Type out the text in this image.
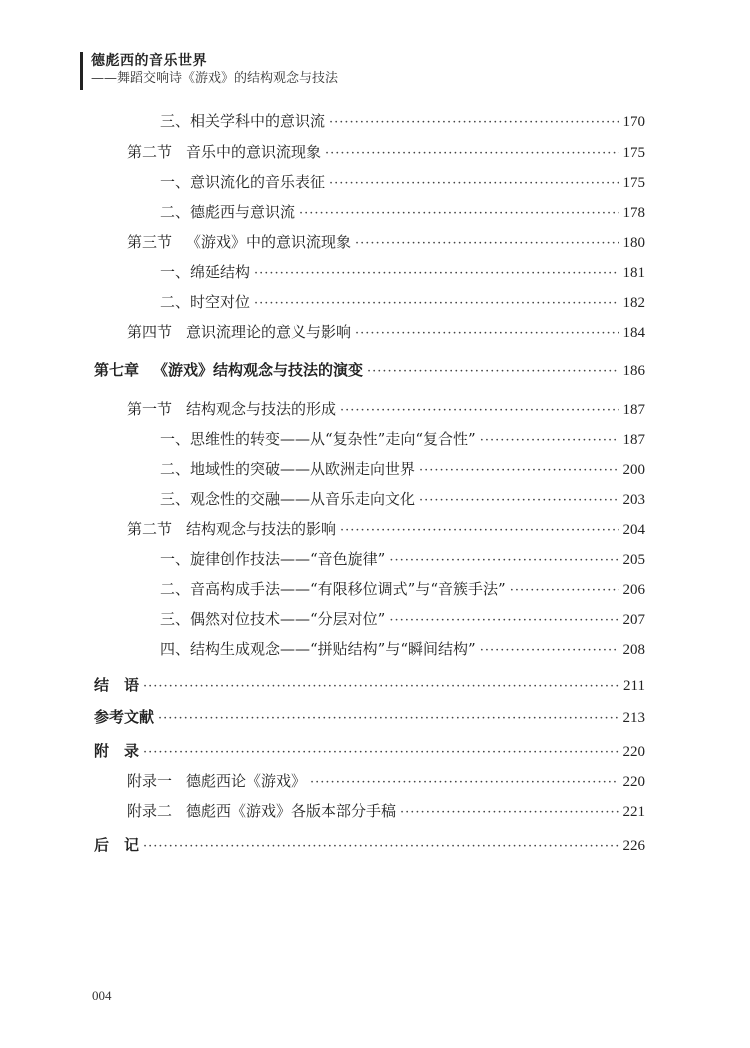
德彪西的音乐世界
——舞蹈交响诗《游戏》的结构观念与技法
三、相关学科中的意识流 ·····	170
第二节 音乐中的意识流现象 ·····	175
一、意识流化的音乐表征 ·····	175
二、德彪西与意识流 ·····	178
第三节 《游戏》中的意识流现象 ·····	180
一、绵延结构 ·····	181
二、时空对位 ·····	182
第四节 意识流理论的意义与影响 ·····	184
第七章 《游戏》结构观念与技法的演变 ·····	186
第一节 结构观念与技法的形成 ·····	187
一、思维性的转变——从“复杂性”走向“复合性” ·····	187
二、地域性的突破——从欧洲走向世界 ·····	200
三、观念性的交融——从音乐走向文化 ·····	203
第二节 结构观念与技法的影响 ·····	204
一、旋律创作技法——“音色旋律” ·····	205
二、音高构成手法——“有限移位调式”与“音簇手法” ·····	206
三、偶然对位技术——“分层对位” ·····	207
四、结构生成观念——“拼贴结构”与“瞬间结构” ·····	208
结　语 ·····	211
参考文献 ·····	213
附　录 ·····	220
附录一 德彪西论《游戏》 ·····	220
附录二 德彪西《游戏》各版本部分手稿 ·····	221
后　记 ·····	226
004
